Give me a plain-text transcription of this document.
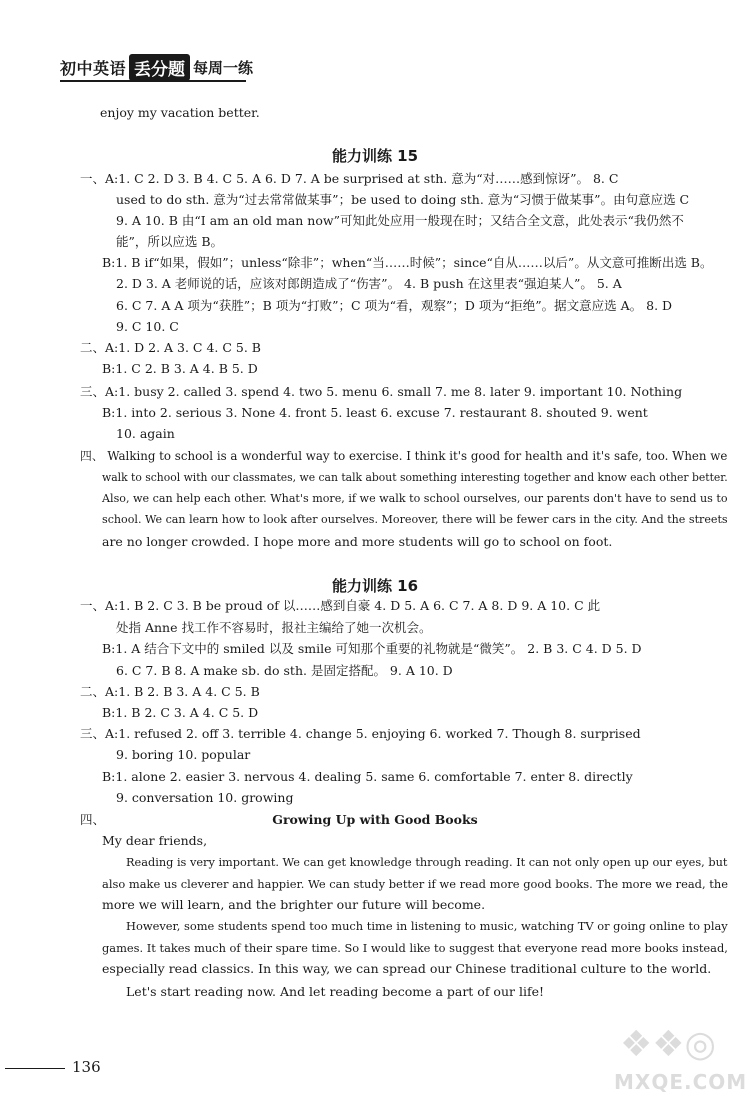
初中英语 丢分题 每周一练
enjoy my vacation better.
能力训练 15
一、A:1. C 2. D 3. B 4. C 5. A 6. D 7. A be surprised at sth. 意为“对……感到惊讶”。 8. C
used to do sth. 意为“过去常常做某事”；be used to doing sth. 意为“习惯于做某事”。由句意应选 C
9. A 10. B 由“I am an old man now”可知此处应用一般现在时；又结合全文意，此处表示“我仍然不
能”，所以应选 B。
B:1. B if“如果，假如”；unless“除非”；when“当……时候”；since“自从……以后”。从文意可推断出选 B。
2. D 3. A 老师说的话，应该对郎朗造成了“伤害”。 4. B push 在这里表“强迫某人”。 5. A
6. C 7. A A 项为“获胜”；B 项为“打败”；C 项为“看，观察”；D 项为“拒绝”。据文意应选 A。 8. D
9. C 10. C
二、A:1. D 2. A 3. C 4. C 5. B
B:1. C 2. B 3. A 4. B 5. D
三、A:1. busy 2. called 3. spend 4. two 5. menu 6. small 7. me 8. later 9. important 10. Nothing
B:1. into 2. serious 3. None 4. front 5. least 6. excuse 7. restaurant 8. shouted 9. went
10. again
四、 Walking to school is a wonderful way to exercise. I think it's good for health and it's safe, too. When we
walk to school with our classmates, we can talk about something interesting together and know each other better.
Also, we can help each other. What's more, if we walk to school ourselves, our parents don't have to send us to
school. We can learn how to look after ourselves. Moreover, there will be fewer cars in the city. And the streets
are no longer crowded. I hope more and more students will go to school on foot.
能力训练 16
一、A:1. B 2. C 3. B be proud of 以……感到自豪 4. D 5. A 6. C 7. A 8. D 9. A 10. C 此
处指 Anne 找工作不容易时，报社主编给了她一次机会。
B:1. A 结合下文中的 smiled 以及 smile 可知那个重要的礼物就是“微笑”。 2. B 3. C 4. D 5. D
6. C 7. B 8. A make sb. do sth. 是固定搭配。 9. A 10. D
二、A:1. B 2. B 3. A 4. C 5. B
B:1. B 2. C 3. A 4. C 5. D
三、A:1. refused 2. off 3. terrible 4. change 5. enjoying 6. worked 7. Though 8. surprised
9. boring 10. popular
B:1. alone 2. easier 3. nervous 4. dealing 5. same 6. comfortable 7. enter 8. directly
9. conversation 10. growing
四、	Growing Up with Good Books
My dear friends,
Reading is very important. We can get knowledge through reading. It can not only open up our eyes, but
also make us cleverer and happier. We can study better if we read more good books. The more we read, the
more we will learn, and the brighter our future will become.
However, some students spend too much time in listening to music, watching TV or going online to play
games. It takes much of their spare time. So I would like to suggest that everyone read more books instead,
especially read classics. In this way, we can spread our Chinese traditional culture to the world.
Let's start reading now. And let reading become a part of our life!
136
❖❖◎
MXQE.COM
